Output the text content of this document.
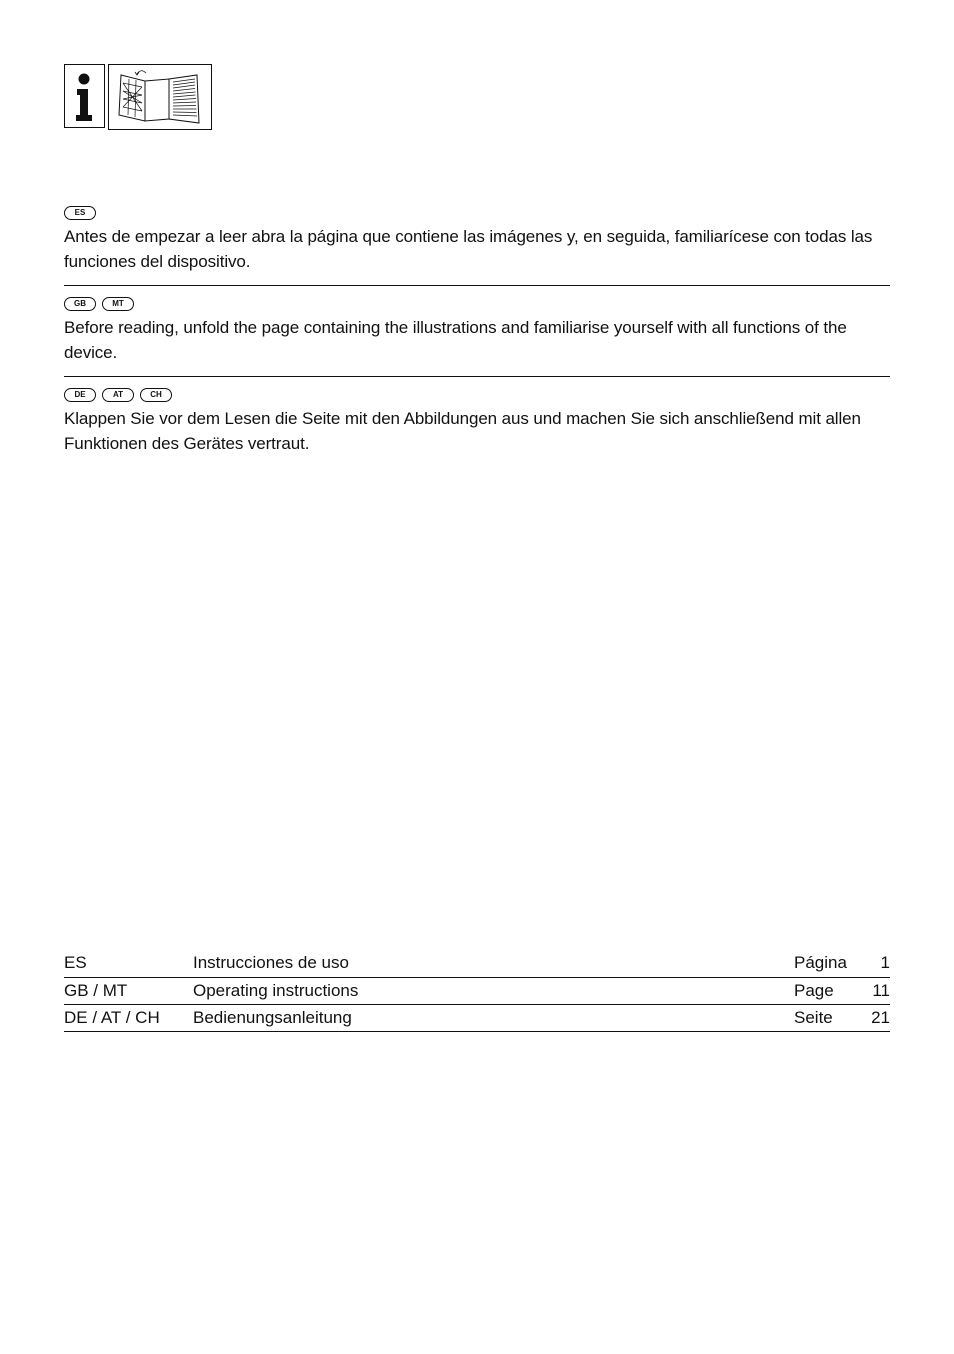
ES

Antes de empezar a leer abra la página que contiene las imágenes y, en seguida, familiarícese con todas las funciones del dispositivo.

GB	MT

Before reading, unfold the page containing the illustrations and familiarise yourself with all functions of the device.

DE	AT	CH

Klappen Sie vor dem Lesen die Seite mit den Abbildungen aus und machen Sie sich anschließend mit allen Funktionen des Gerätes vertraut.

ES	Instrucciones de uso	Página	1
GB / MT	Operating instructions	Page	11
DE / AT / CH	Bedienungsanleitung	Seite	21
